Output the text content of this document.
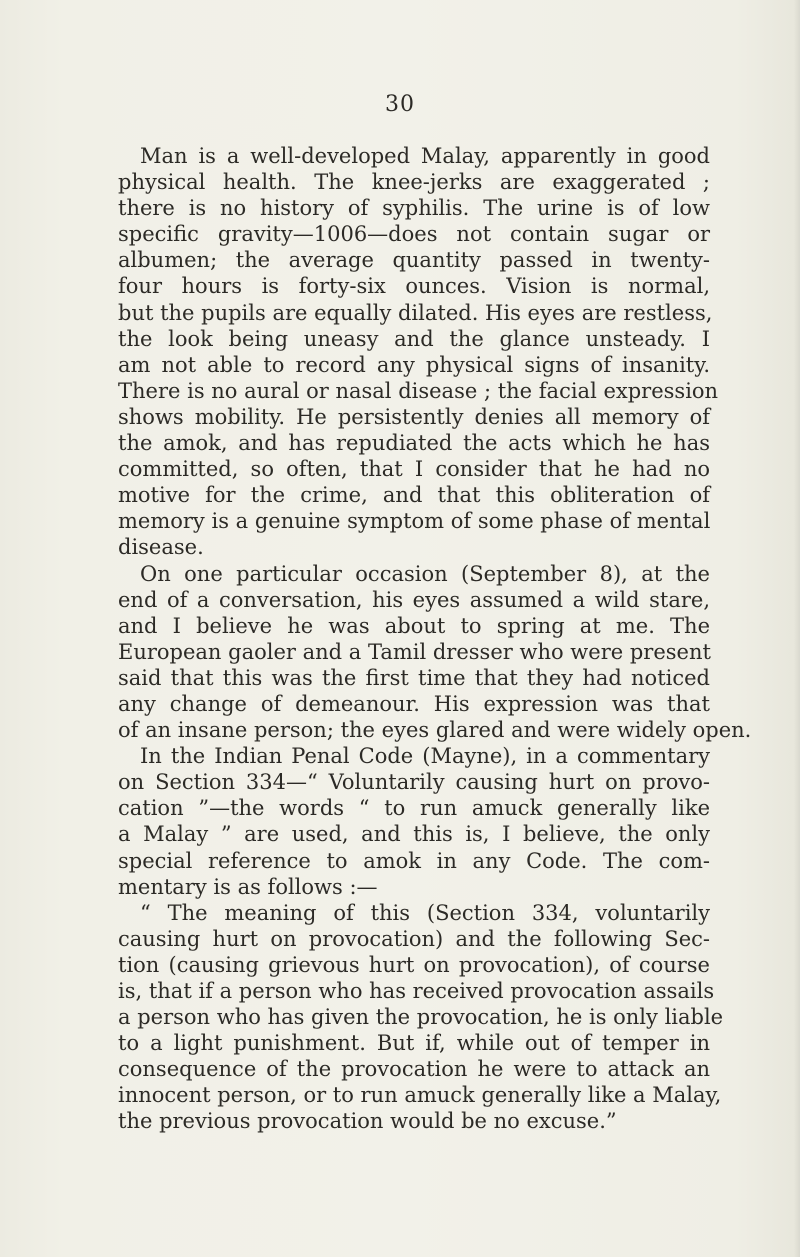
30
Man is a well-developed Malay, apparently in good
physical health. The knee-jerks are exaggerated ;
there is no history of syphilis. The urine is of low
specific gravity—1006—does not contain sugar or
albumen; the average quantity passed in twenty-
four hours is forty-six ounces. Vision is normal,
but the pupils are equally dilated. His eyes are restless,
the look being uneasy and the glance unsteady. I
am not able to record any physical signs of insanity.
There is no aural or nasal disease ; the facial expression
shows mobility. He persistently denies all memory of
the amok, and has repudiated the acts which he has
committed, so often, that I consider that he had no
motive for the crime, and that this obliteration of
memory is a genuine symptom of some phase of mental
disease.
On one particular occasion (September 8), at the
end of a conversation, his eyes assumed a wild stare,
and I believe he was about to spring at me. The
European gaoler and a Tamil dresser who were present
said that this was the first time that they had noticed
any change of demeanour. His expression was that
of an insane person; the eyes glared and were widely open.
In the Indian Penal Code (Mayne), in a commentary
on Section 334—“ Voluntarily causing hurt on provo-
cation ”—the words “ to run amuck generally like
a Malay ” are used, and this is, I believe, the only
special reference to amok in any Code. The com-
mentary is as follows :—
“ The meaning of this (Section 334, voluntarily
causing hurt on provocation) and the following Sec-
tion (causing grievous hurt on provocation), of course
is, that if a person who has received provocation assails
a person who has given the provocation, he is only liable
to a light punishment. But if, while out of temper in
consequence of the provocation he were to attack an
innocent person, or to run amuck generally like a Malay,
the previous provocation would be no excuse.”
